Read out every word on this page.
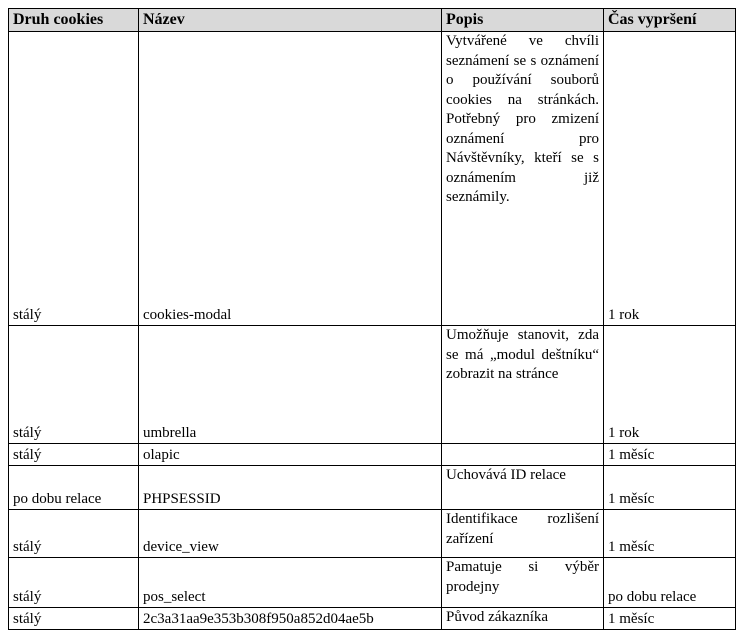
Druh cookies	Název	Popis	Čas vypršení
stálý	cookies-modal	Vytvářené ve chvíli seznámení se s oznámení o používání souborů cookies na stránkách. Potřebný pro zmizení oznámení pro Návštěvníky, kteří se s oznámením již seznámily.	1 rok
stálý	umbrella	Umožňuje stanovit, zda se má „modul deštníku“ zobrazit na stránce	1 rok
stálý	olapic		1 měsíc
po dobu relace	PHPSESSID	Uchovává ID relace	1 měsíc
stálý	device_view	Identifikace rozlišení zařízení	1 měsíc
stálý	pos_select	Pamatuje si výběr prodejny	po dobu relace
stálý	2c3a31aa9e353b308f950a852d04ae5b	Původ zákazníka	1 měsíc
